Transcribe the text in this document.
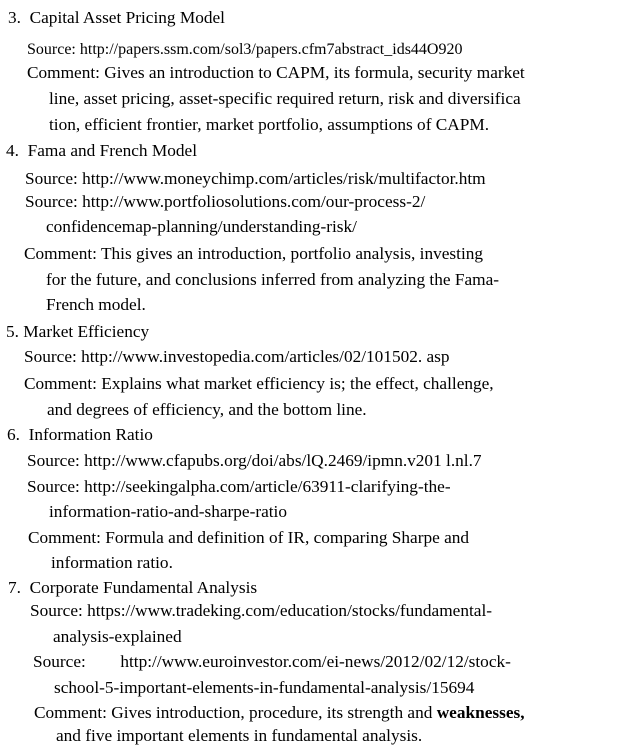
3.  Capital Asset Pricing Model
Source: http://papers.ssm.com/sol3/papers.cfm7abstract_ids44O920
Comment: Gives an introduction to CAPM, its formula, security market
line, asset pricing, asset-specific required return, risk and diversifica
tion, efficient frontier, market portfolio, assumptions of CAPM.
4.  Fama and French Model
Source: http://www.moneychimp.com/articles/risk/multifactor.htm
Source: http://www.portfoliosolutions.com/our-process-2/
confidencemap-planning/understanding-risk/
Comment: This gives an introduction, portfolio analysis, investing
for the future, and conclusions inferred from analyzing the Fama-
French model.
5. Market Efficiency
Source: http://www.investopedia.com/articles/02/101502. asp
Comment: Explains what market efficiency is; the effect, challenge,
and degrees of efficiency, and the bottom line.
6.  Information Ratio
Source: http://www.cfapubs.org/doi/abs/lQ.2469/ipmn.v201 l.nl.7
Source: http://seekingalpha.com/article/63911-clarifying-the-
information-ratio-and-sharpe-ratio
Comment: Formula and definition of IR, comparing Sharpe and
information ratio.
7.  Corporate Fundamental Analysis
Source: https://www.tradeking.com/education/stocks/fundamental-
analysis-explained
Source:        http://www.euroinvestor.com/ei-news/2012/02/12/stock-
school-5-important-elements-in-fundamental-analysis/15694
Comment: Gives introduction, procedure, its strength and weaknesses,
and five important elements in fundamental analysis.
